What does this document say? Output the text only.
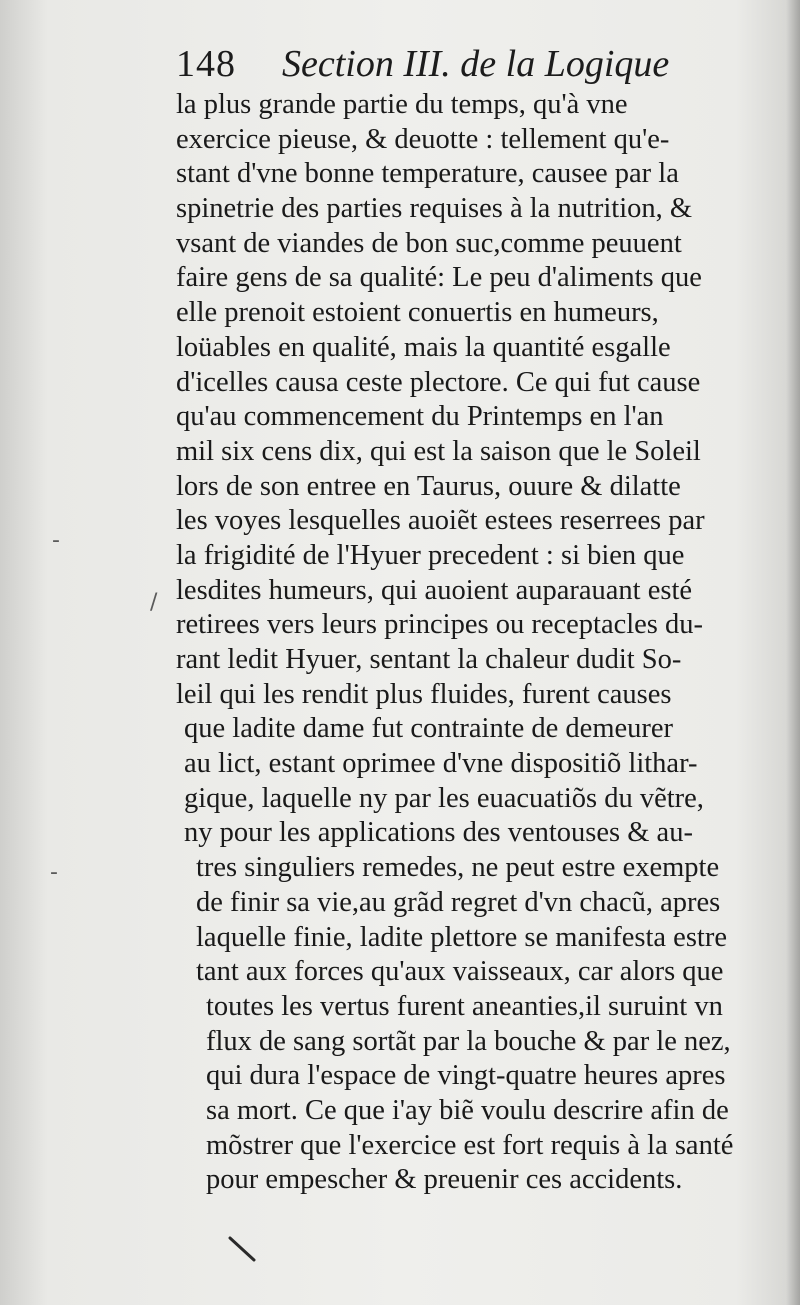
148 Section III. de la Logique
la plus grande partie du temps, qu'à vne
exercice pieuse, & deuotte : tellement qu'e-
stant d'vne bonne temperature, causee par la
spinetrie des parties requises à la nutrition, &
vsant de viandes de bon suc,comme peuuent
faire gens de sa qualité: Le peu d'aliments que
elle prenoit estoient conuertis en humeurs,
loüables en qualité, mais la quantité esgalle
d'icelles causa ceste plectore. Ce qui fut cause
qu'au commencement du Printemps en l'an
mil six cens dix, qui est la saison que le Soleil
lors de son entree en Taurus, ouure & dilatte
les voyes lesquelles auoiẽt estees reserrees par
la frigidité de l'Hyuer precedent : si bien que
lesdites humeurs, qui auoient auparauant esté
retirees vers leurs principes ou receptacles du-
rant ledit Hyuer, sentant la chaleur dudit So-
leil qui les rendit plus fluides, furent causes
que ladite dame fut contrainte de demeurer
au lict, estant oprimee d'vne dispositiõ lithar-
gique, laquelle ny par les euacuatiõs du vẽtre,
ny pour les applications des ventouses & au-
tres singuliers remedes, ne peut estre exempte
de finir sa vie,au grãd regret d'vn chacũ, apres
laquelle finie, ladite plettore se manifesta estre
tant aux forces qu'aux vaisseaux, car alors que
toutes les vertus furent aneanties,il suruint vn
flux de sang sortãt par la bouche & par le nez,
qui dura l'espace de vingt-quatre heures apres
sa mort. Ce que i'ay biẽ voulu descrire afin de
mõstrer que l'exercice est fort requis à la santé
pour empescher & preuenir ces accidents.
-
/
-
